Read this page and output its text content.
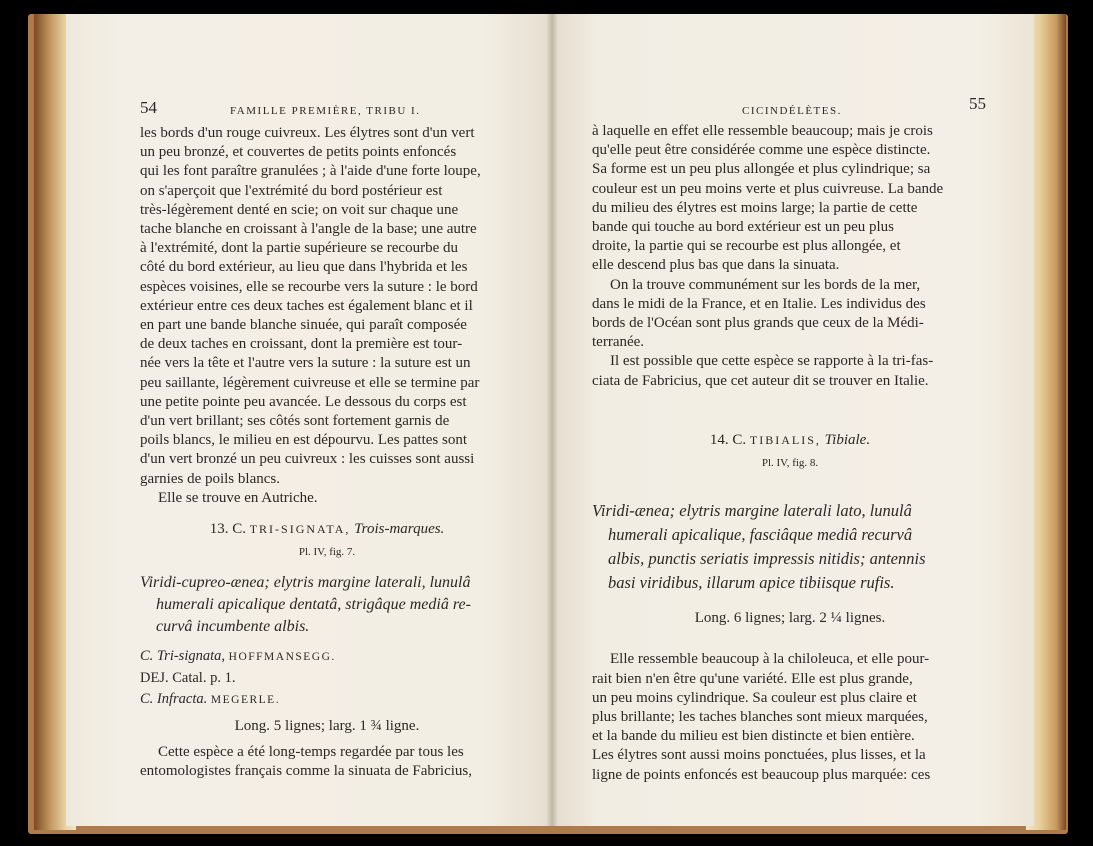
54	FAMILLE PREMIÈRE, TRIBU I.

les bords d'un rouge cuivreux. Les élytres sont d'un vert

un peu bronzé, et couvertes de petits points enfoncés

qui les font paraître granulées ; à l'aide d'une forte loupe,

on s'aperçoit que l'extrémité du bord postérieur est

très-légèrement denté en scie; on voit sur chaque une

tache blanche en croissant à l'angle de la base; une autre

à l'extrémité, dont la partie supérieure se recourbe du

côté du bord extérieur, au lieu que dans l'hybrida et les

espèces voisines, elle se recourbe vers la suture : le bord

extérieur entre ces deux taches est également blanc et il

en part une bande blanche sinuée, qui paraît composée

de deux taches en croissant, dont la première est tour-

née vers la tête et l'autre vers la suture : la suture est un

peu saillante, légèrement cuivreuse et elle se termine par

une petite pointe peu avancée. Le dessous du corps est

d'un vert brillant; ses côtés sont fortement garnis de

poils blancs, le milieu en est dépourvu. Les pattes sont

d'un vert bronzé un peu cuivreux : les cuisses sont aussi

garnies de poils blancs.

Elle se trouve en Autriche.

13. C. TRI-SIGNATA, Trois-marques.
Pl. IV, fig. 7.

Viridi-cupreo-ænea; elytris margine laterali, lunulâ

humerali apicalique dentatâ, strigâque mediâ re-

curvâ incumbente albis.

C. Tri-signata, HOFFMANSEGG.

DEJ. Catal. p. 1.

C. Infracta. MEGERLE.

Long. 5 lignes; larg. 1 ¾ ligne.

Cette espèce a été long-temps regardée par tous les

entomologistes français comme la sinuata de Fabricius,

CICINDÉLÈTES.	55

à laquelle en effet elle ressemble beaucoup; mais je crois

qu'elle peut être considérée comme une espèce distincte.

Sa forme est un peu plus allongée et plus cylindrique; sa

couleur est un peu moins verte et plus cuivreuse. La bande

du milieu des élytres est moins large; la partie de cette

bande qui touche au bord extérieur est un peu plus

droite, la partie qui se recourbe est plus allongée, et

elle descend plus bas que dans la sinuata.

On la trouve communément sur les bords de la mer,

dans le midi de la France, et en Italie. Les individus des

bords de l'Océan sont plus grands que ceux de la Médi-

terranée.

Il est possible que cette espèce se rapporte à la tri-fas-

ciata de Fabricius, que cet auteur dit se trouver en Italie.

14. C. TIBIALIS, Tibiale.
Pl. IV, fig. 8.

Viridi-ænea; elytris margine laterali lato, lunulâ

humerali apicalique, fasciâque mediâ recurvâ

albis, punctis seriatis impressis nitidis; antennis

basi viridibus, illarum apice tibiisque rufis.

Long. 6 lignes; larg. 2 ¼ lignes.

Elle ressemble beaucoup à la chiloleuca, et elle pour-

rait bien n'en être qu'une variété. Elle est plus grande,

un peu moins cylindrique. Sa couleur est plus claire et

plus brillante; les taches blanches sont mieux marquées,

et la bande du milieu est bien distincte et bien entière.

Les élytres sont aussi moins ponctuées, plus lisses, et la

ligne de points enfoncés est beaucoup plus marquée: ces
